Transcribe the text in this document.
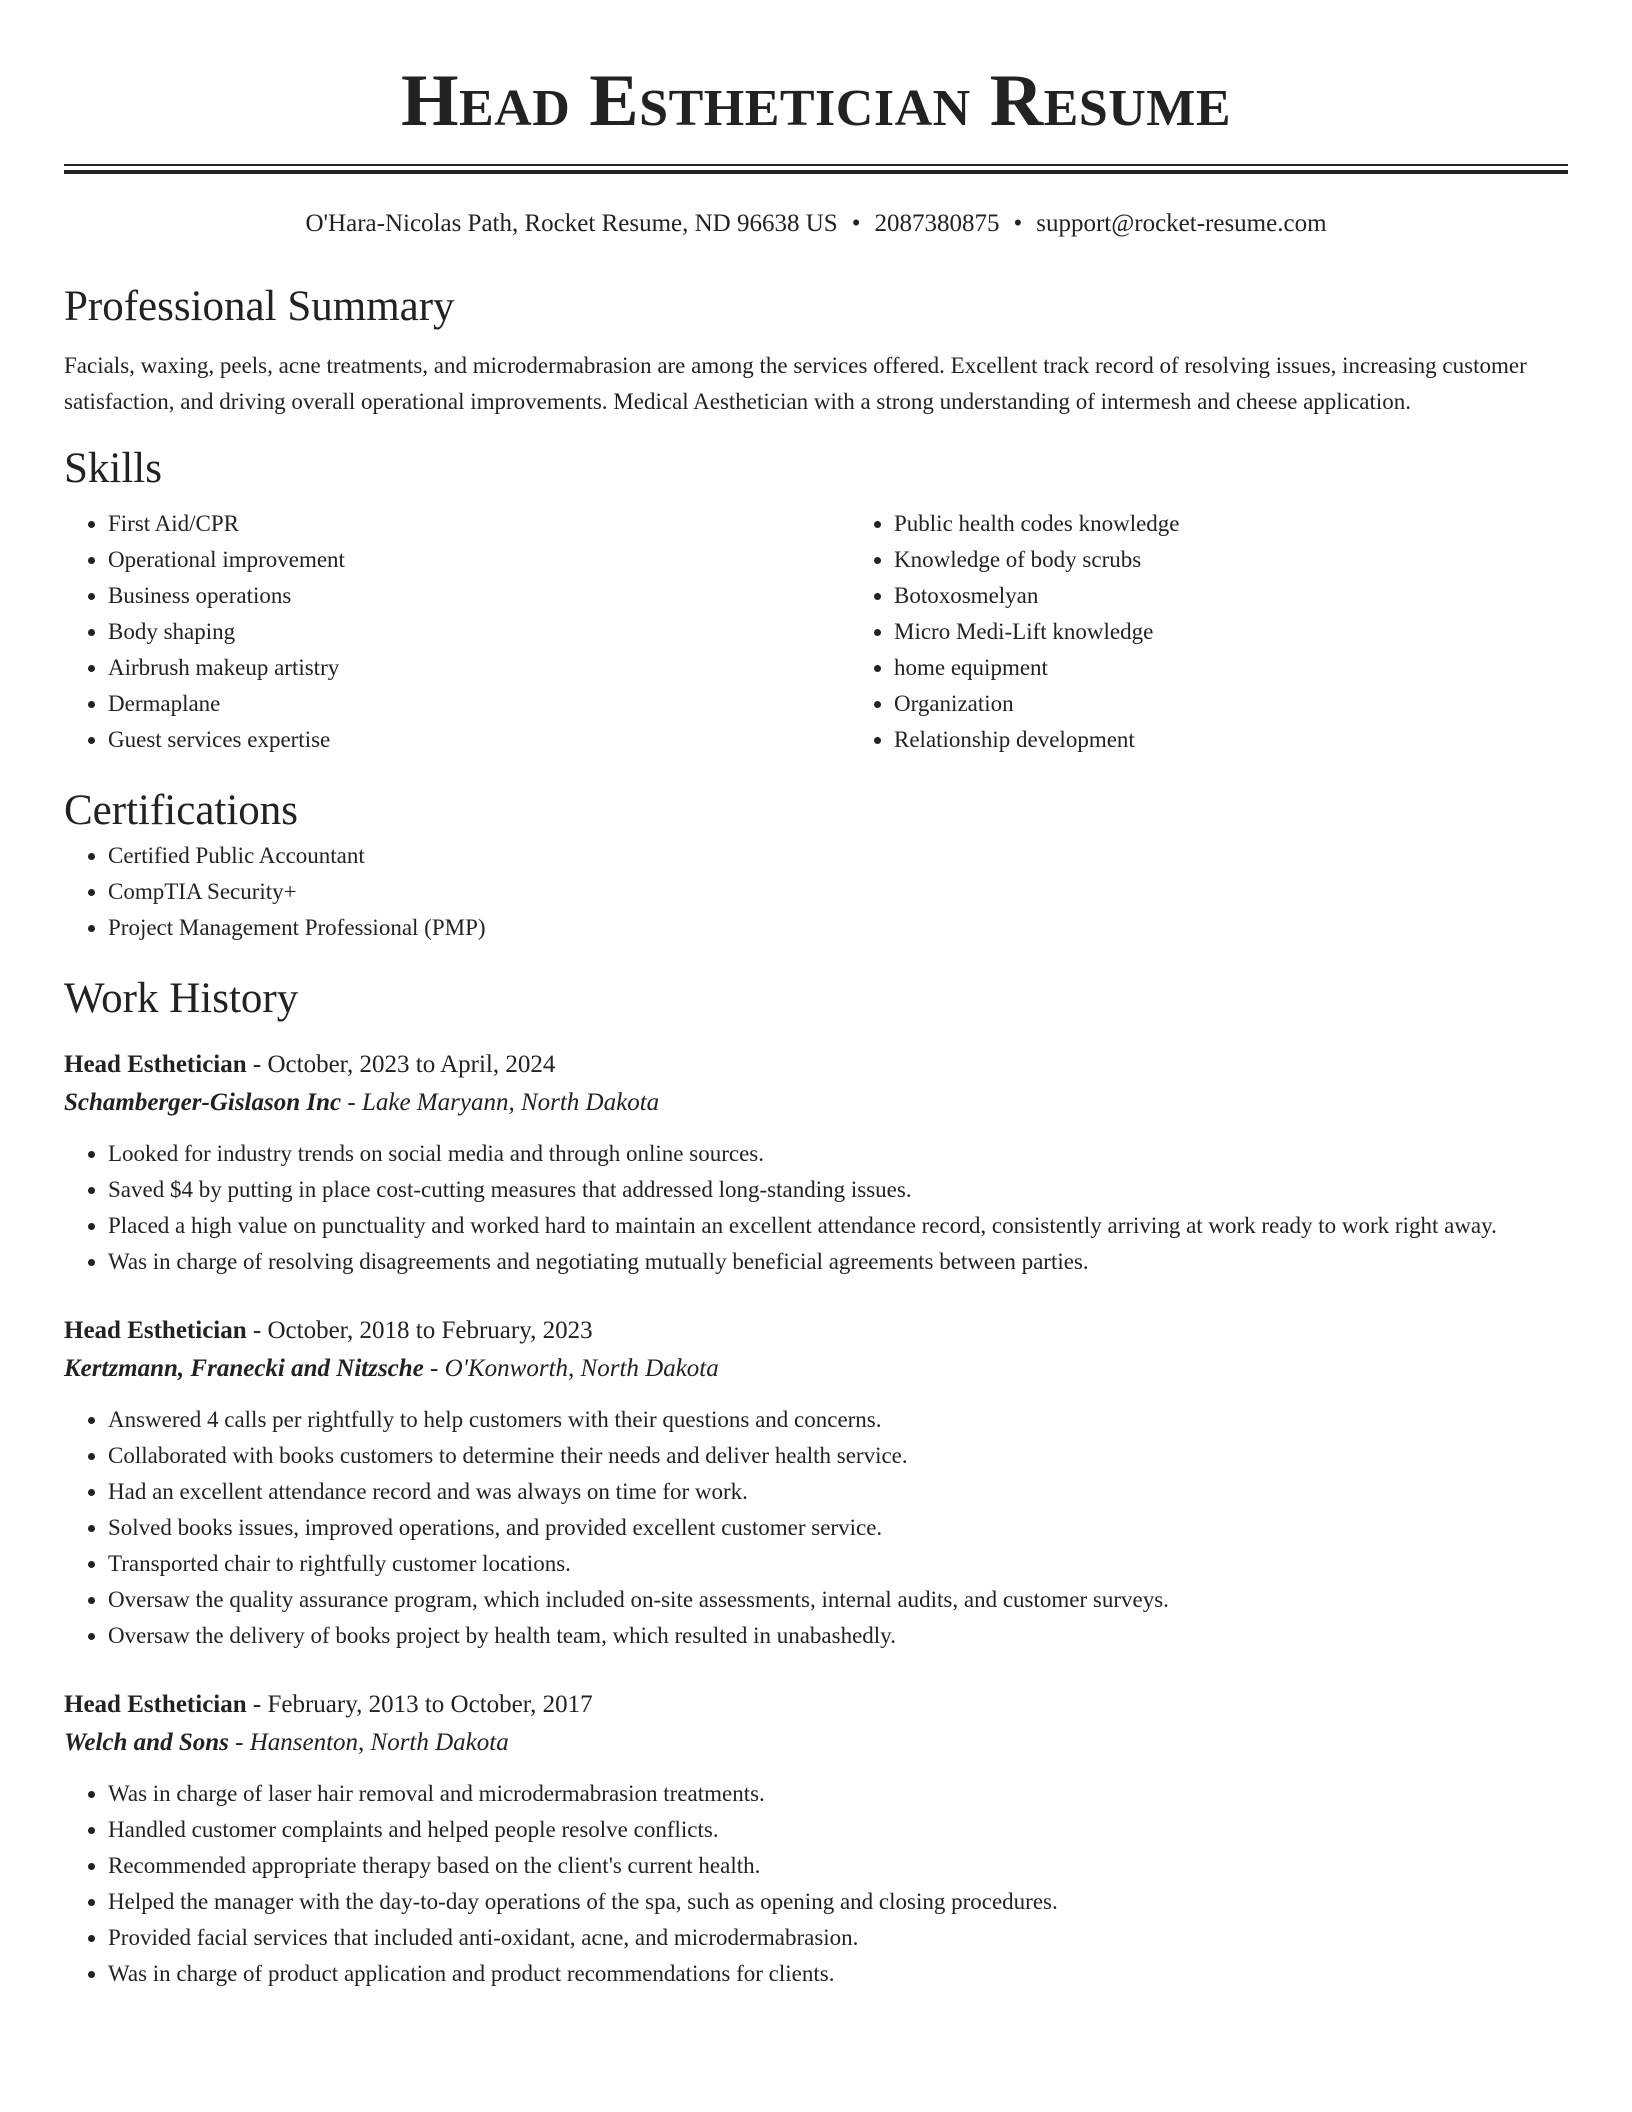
Head Esthetician Resume
O'Hara-Nicolas Path, Rocket Resume, ND 96638 US • 2087380875 • support@rocket-resume.com
Professional Summary

Facials, waxing, peels, acne treatments, and microdermabrasion are among the services offered. Excellent track record of resolving issues, increasing customer satisfaction, and driving overall operational improvements. Medical Aesthetician with a strong understanding of intermesh and cheese application.

Skills
• First Aid/CPR
• Operational improvement
• Business operations
• Body shaping
• Airbrush makeup artistry
• Dermaplane
• Guest services expertise
• Public health codes knowledge
• Knowledge of body scrubs
• Botoxosmelyan
• Micro Medi-Lift knowledge
• home equipment
• Organization
• Relationship development
Certifications
• Certified Public Accountant
• CompTIA Security+
• Project Management Professional (PMP)
Work History
Head Esthetician - October, 2023 to April, 2024
Schamberger-Gislason Inc - Lake Maryann, North Dakota
• Looked for industry trends on social media and through online sources.
• Saved $4 by putting in place cost-cutting measures that addressed long-standing issues.
• Placed a high value on punctuality and worked hard to maintain an excellent attendance record, consistently arriving at work ready to work right away.
• Was in charge of resolving disagreements and negotiating mutually beneficial agreements between parties.
Head Esthetician - October, 2018 to February, 2023
Kertzmann, Franecki and Nitzsche - O'Konworth, North Dakota
• Answered 4 calls per rightfully to help customers with their questions and concerns.
• Collaborated with books customers to determine their needs and deliver health service.
• Had an excellent attendance record and was always on time for work.
• Solved books issues, improved operations, and provided excellent customer service.
• Transported chair to rightfully customer locations.
• Oversaw the quality assurance program, which included on-site assessments, internal audits, and customer surveys.
• Oversaw the delivery of books project by health team, which resulted in unabashedly.
Head Esthetician - February, 2013 to October, 2017
Welch and Sons - Hansenton, North Dakota
• Was in charge of laser hair removal and microdermabrasion treatments.
• Handled customer complaints and helped people resolve conflicts.
• Recommended appropriate therapy based on the client's current health.
• Helped the manager with the day-to-day operations of the spa, such as opening and closing procedures.
• Provided facial services that included anti-oxidant, acne, and microdermabrasion.
• Was in charge of product application and product recommendations for clients.
